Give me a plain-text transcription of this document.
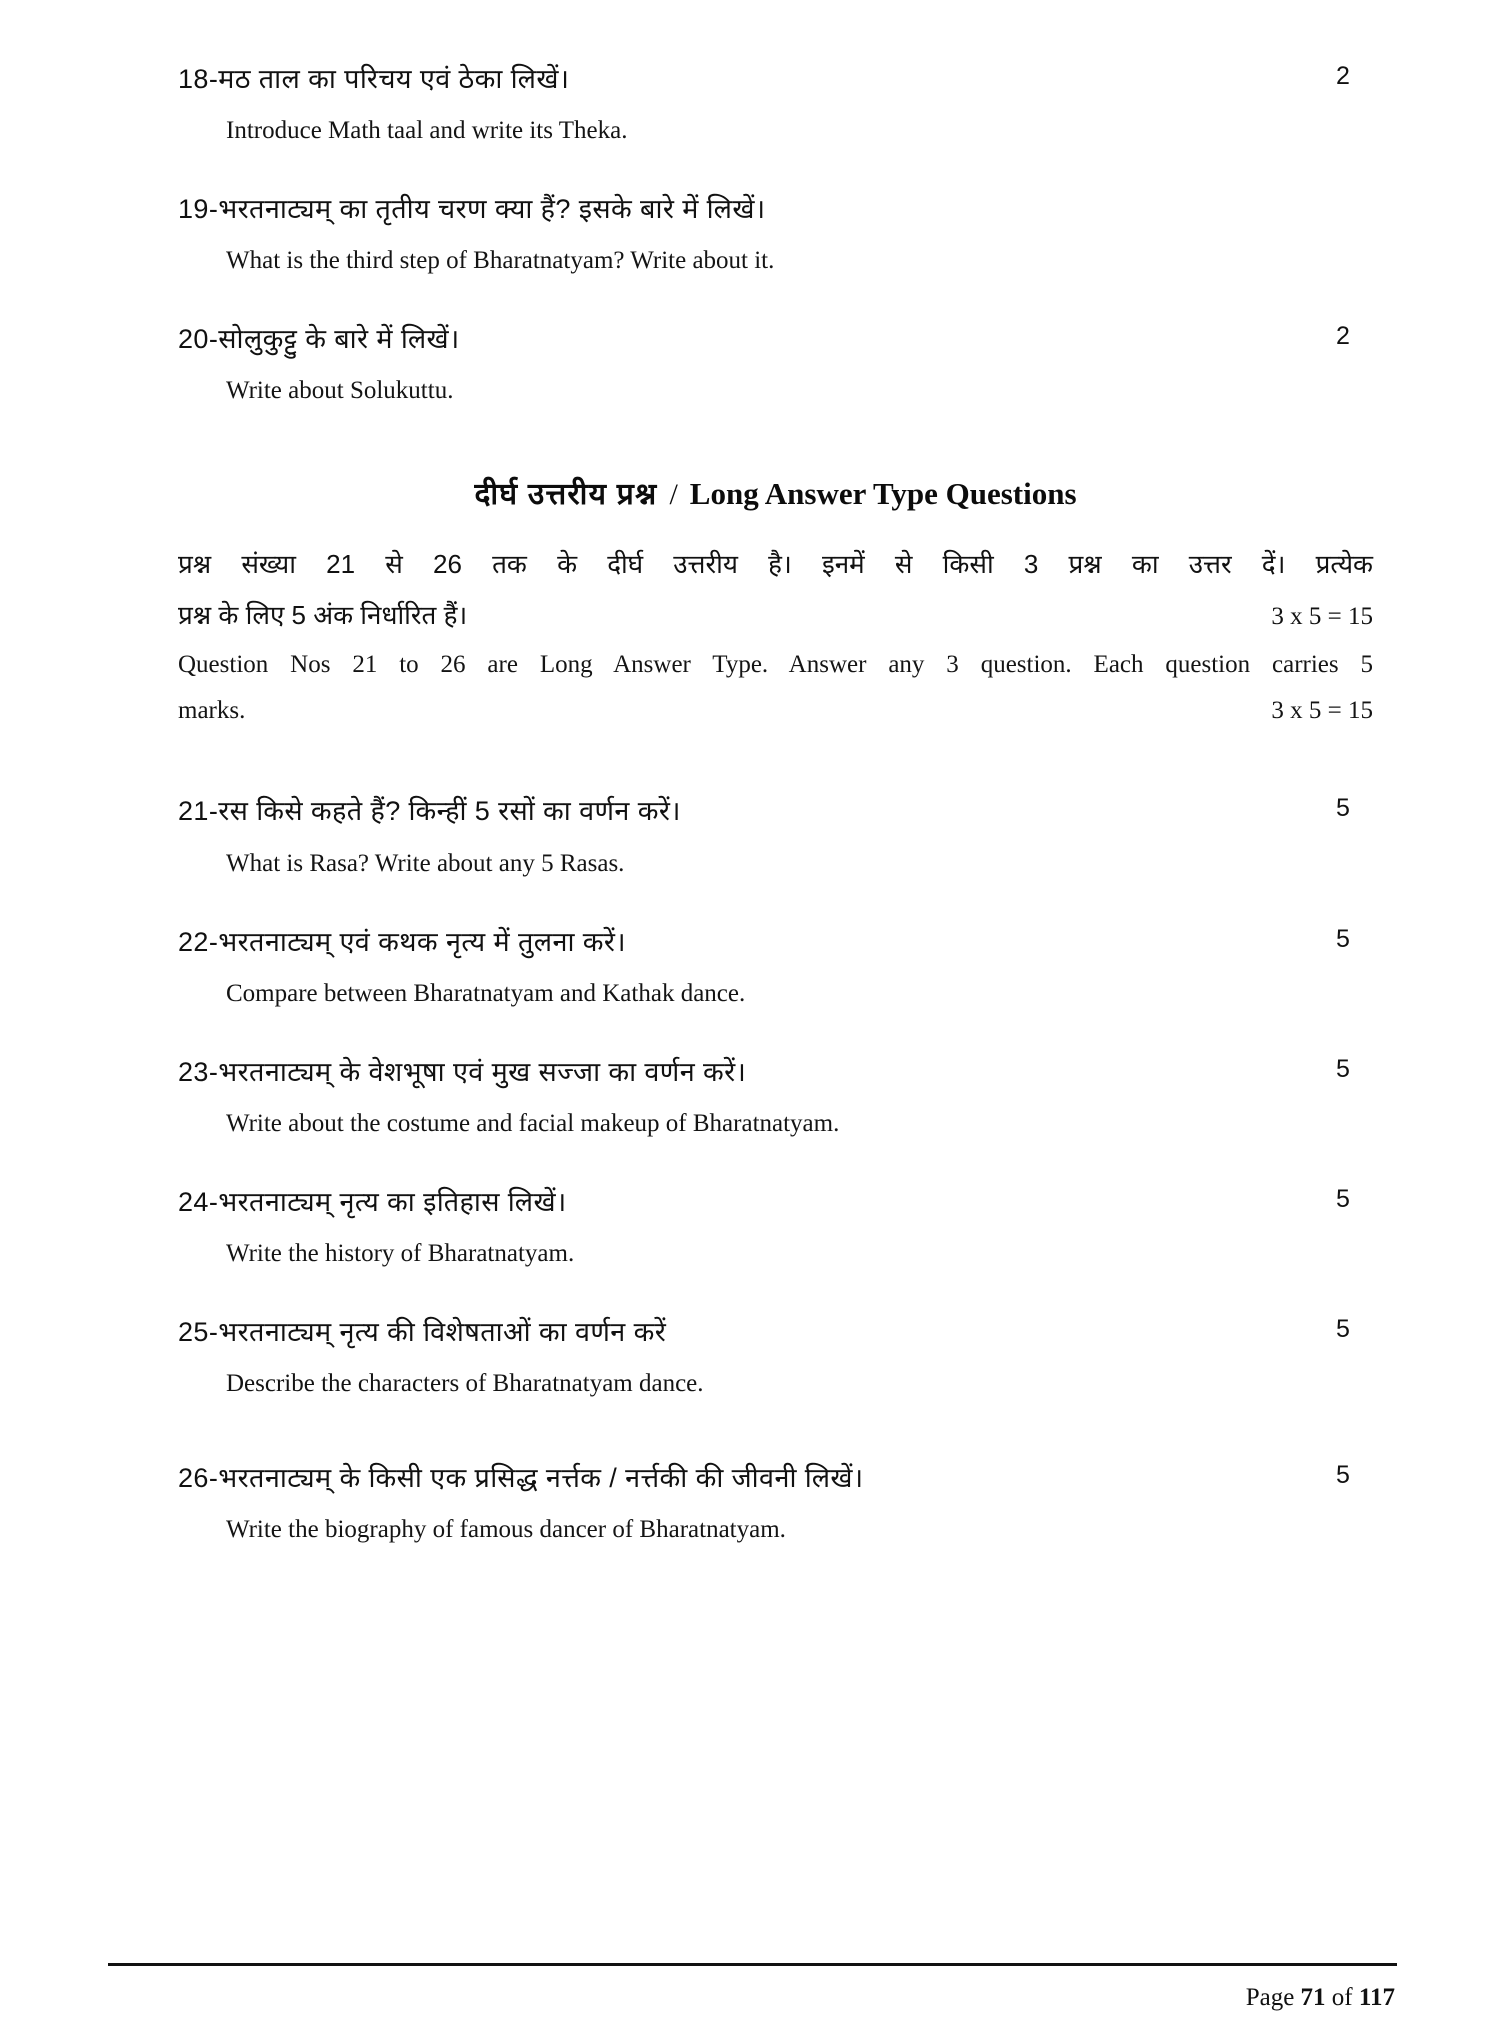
18-मठ ताल का परिचय एवं ठेका लिखें।	2
Introduce Math taal and write its Theka.
19-भरतनाट्यम् का तृतीय चरण क्या हैं? इसके बारे में लिखें।
What is the third step of Bharatnatyam? Write about it.
20-सोलुकुट्टु के बारे में लिखें।	2
Write about Solukuttu.
दीर्घ उत्तरीय प्रश्न / Long Answer Type Questions
प्रश्न संख्या 21 से 26 तक के दीर्घ उत्तरीय है। इनमें से किसी 3 प्रश्न का उत्तर दें। प्रत्येक
प्रश्न के लिए 5 अंक निर्धारित हैं।	3 x 5 = 15
Question Nos 21 to 26 are Long Answer Type. Answer any 3 question. Each question carries 5
marks.	3 x 5 = 15
21-रस किसे कहते हैं? किन्हीं 5 रसों का वर्णन करें।	5
What is Rasa? Write about any 5 Rasas.
22-भरतनाट्यम् एवं कथक नृत्य में तुलना करें।	5
Compare between Bharatnatyam and Kathak dance.
23-भरतनाट्यम् के वेशभूषा एवं मुख सज्जा का वर्णन करें।	5
Write about the costume and facial makeup of Bharatnatyam.
24-भरतनाट्यम् नृत्य का इतिहास लिखें।	5
Write the history of Bharatnatyam.
25-भरतनाट्यम् नृत्य की विशेषताओं का वर्णन करें	5
Describe the characters of Bharatnatyam dance.
26-भरतनाट्यम् के किसी एक प्रसिद्ध नर्त्तक / नर्त्तकी की जीवनी लिखें।	5
Write the biography of famous dancer of Bharatnatyam.
Page 71 of 117
